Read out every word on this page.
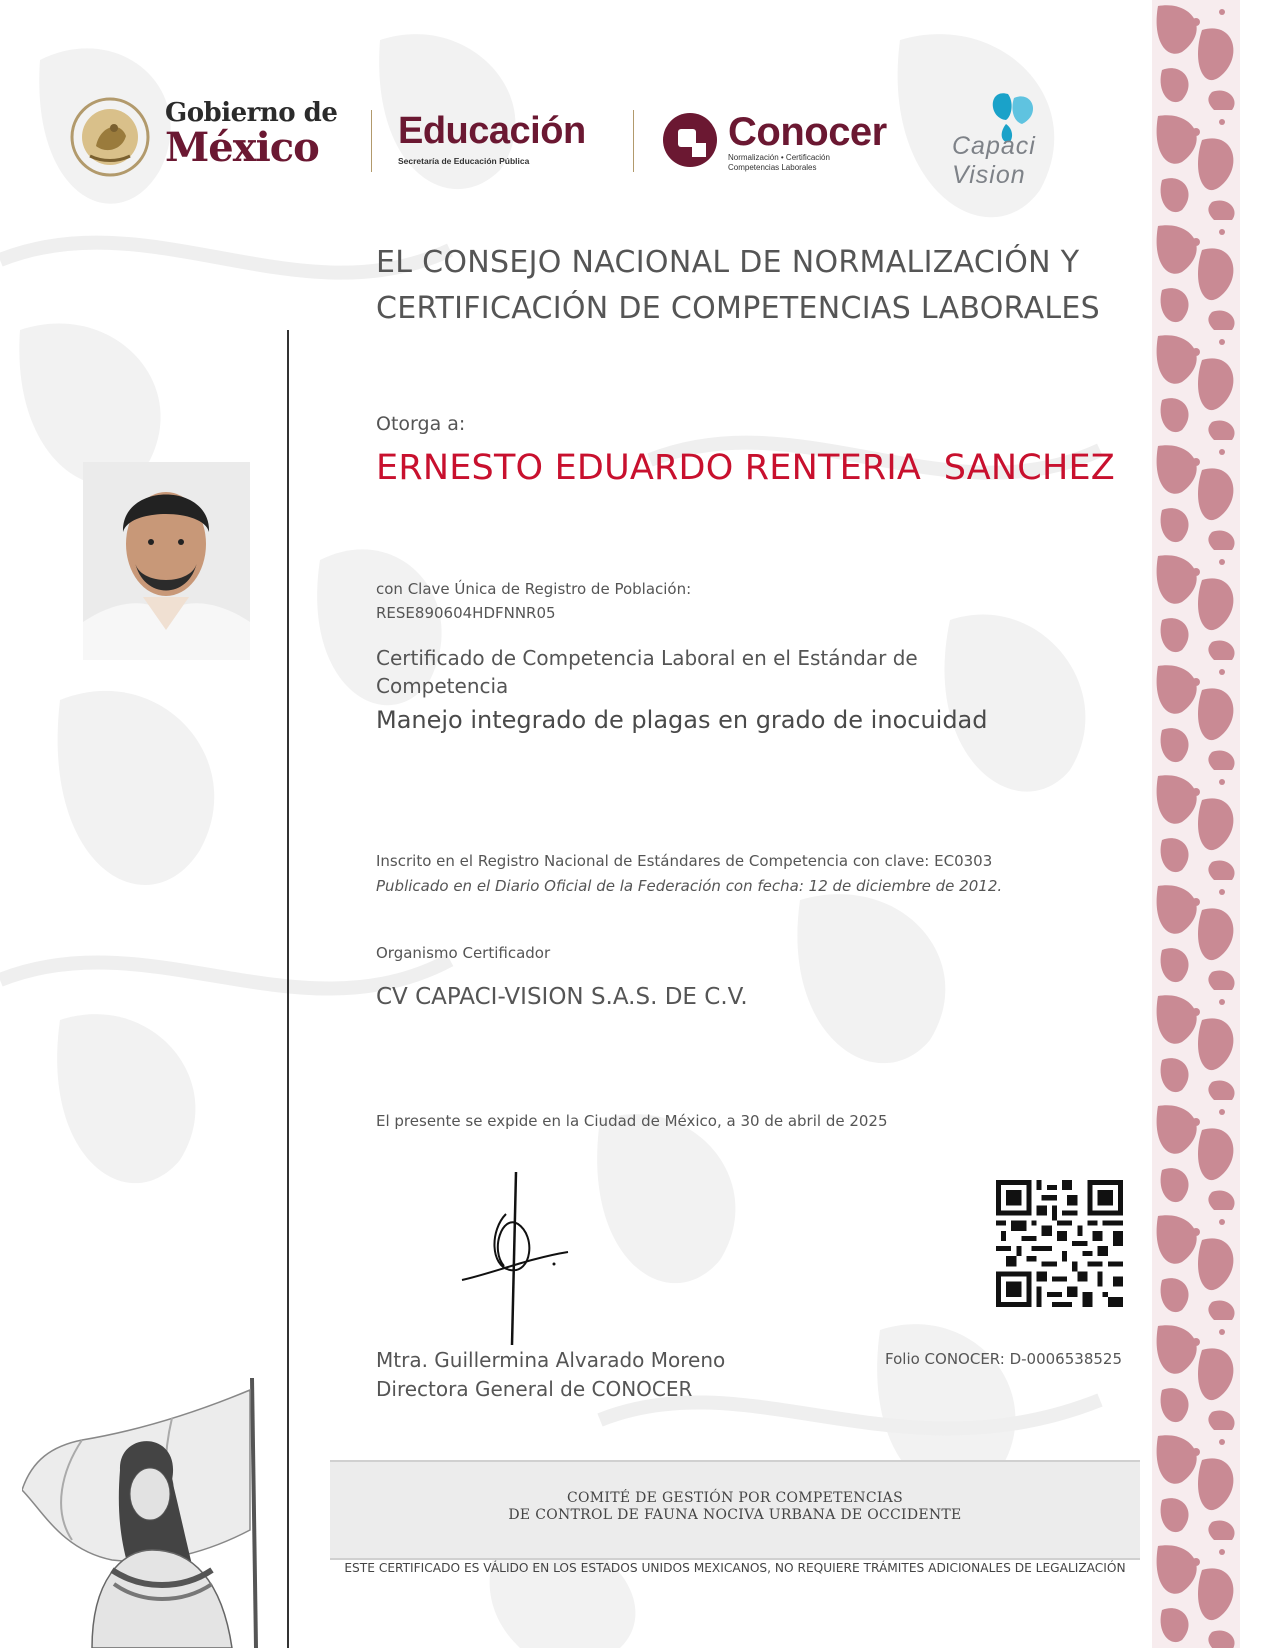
Gobierno de
México	Educación
Secretaría de Educación Pública
Conocer
Normalización • Certificación
Competencias Laborales
Capaci Vision
EL CONSEJO NACIONAL DE NORMALIZACIÓN Y
CERTIFICACIÓN DE COMPETENCIAS LABORALES
Otorga a:
ERNESTO EDUARDO RENTERIA  SANCHEZ
con Clave Única de Registro de Población:
RESE890604HDFNNR05
Certificado de Competencia Laboral en el Estándar de
Competencia
Manejo integrado de plagas en grado de inocuidad
Inscrito en el Registro Nacional de Estándares de Competencia con clave: EC0303
Publicado en el Diario Oficial de la Federación con fecha: 12 de diciembre de 2012.
Organismo Certificador
CV CAPACI-VISION S.A.S. DE C.V.
El presente se expide en la Ciudad de México, a 30 de abril de 2025
Mtra. Guillermina Alvarado Moreno
Directora General de CONOCER
Folio CONOCER: D-0006538525
COMITÉ DE GESTIÓN POR COMPETENCIAS
DE CONTROL DE FAUNA NOCIVA URBANA DE OCCIDENTE
ESTE CERTIFICADO ES VÁLIDO EN LOS ESTADOS UNIDOS MEXICANOS, NO REQUIERE TRÁMITES ADICIONALES DE LEGALIZACIÓN
